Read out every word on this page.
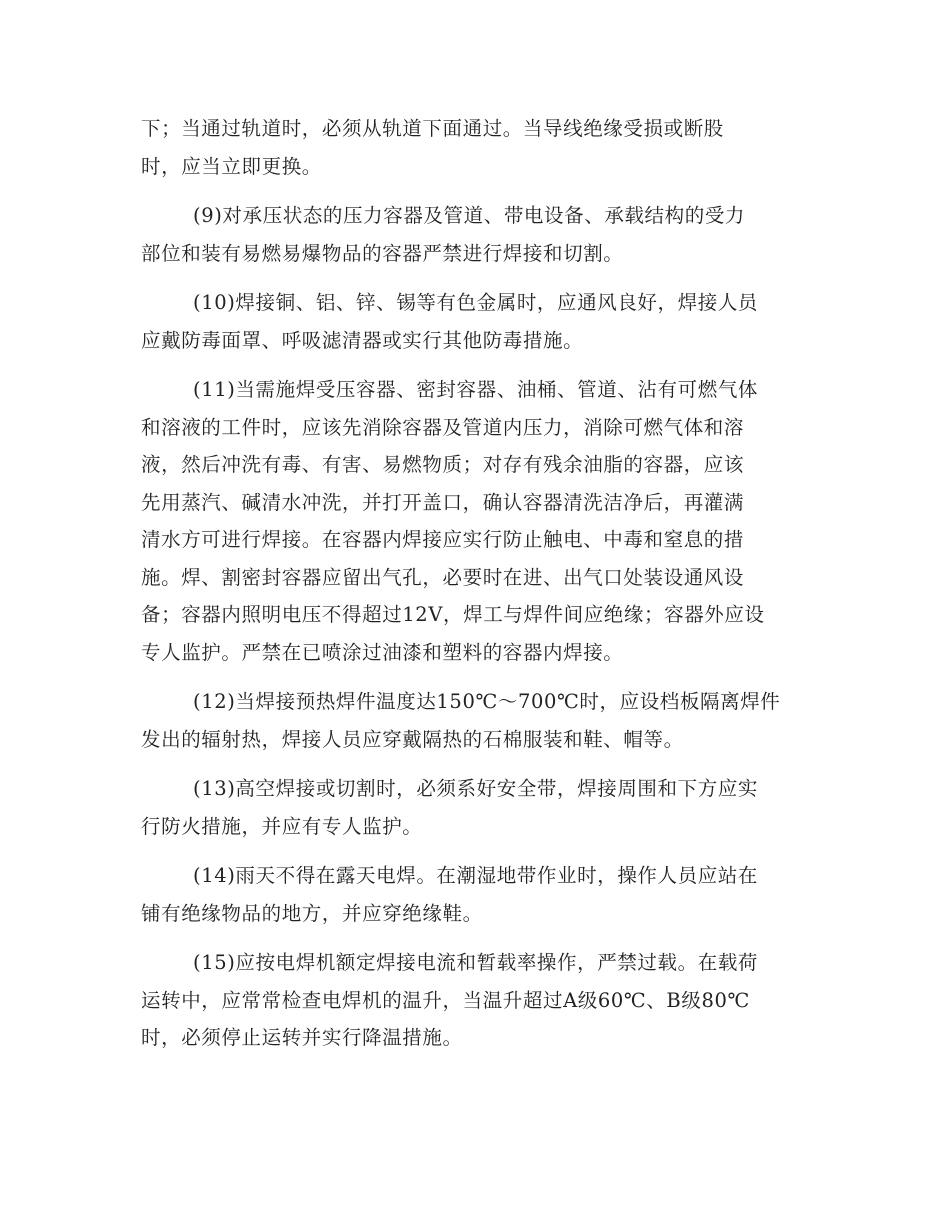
下；当通过轨道时，必须从轨道下面通过。当导线绝缘受损或断股
时，应当立即更换。
(9)对承压状态的压力容器及管道、带电设备、承载结构的受力
部位和装有易燃易爆物品的容器严禁进行焊接和切割。
(10)焊接铜、铝、锌、锡等有色金属时，应通风良好，焊接人员
应戴防毒面罩、呼吸滤清器或实行其他防毒措施。
(11)当需施焊受压容器、密封容器、油桶、管道、沾有可燃气体
和溶液的工件时，应该先消除容器及管道内压力，消除可燃气体和溶
液，然后冲洗有毒、有害、易燃物质；对存有残余油脂的容器，应该
先用蒸汽、碱清水冲洗，并打开盖口，确认容器清洗洁净后，再灌满
清水方可进行焊接。在容器内焊接应实行防止触电、中毒和窒息的措
施。焊、割密封容器应留出气孔，必要时在进、出气口处装设通风设
备；容器内照明电压不得超过12V，焊工与焊件间应绝缘；容器外应设
专人监护。严禁在已喷涂过油漆和塑料的容器内焊接。
(12)当焊接预热焊件温度达150℃～700℃时，应设档板隔离焊件
发出的辐射热，焊接人员应穿戴隔热的石棉服装和鞋、帽等。
(13)高空焊接或切割时，必须系好安全带，焊接周围和下方应实
行防火措施，并应有专人监护。
(14)雨天不得在露天电焊。在潮湿地带作业时，操作人员应站在
铺有绝缘物品的地方，并应穿绝缘鞋。
(15)应按电焊机额定焊接电流和暂载率操作，严禁过载。在载荷
运转中，应常常检查电焊机的温升，当温升超过A级60℃、B级80℃
时，必须停止运转并实行降温措施。
